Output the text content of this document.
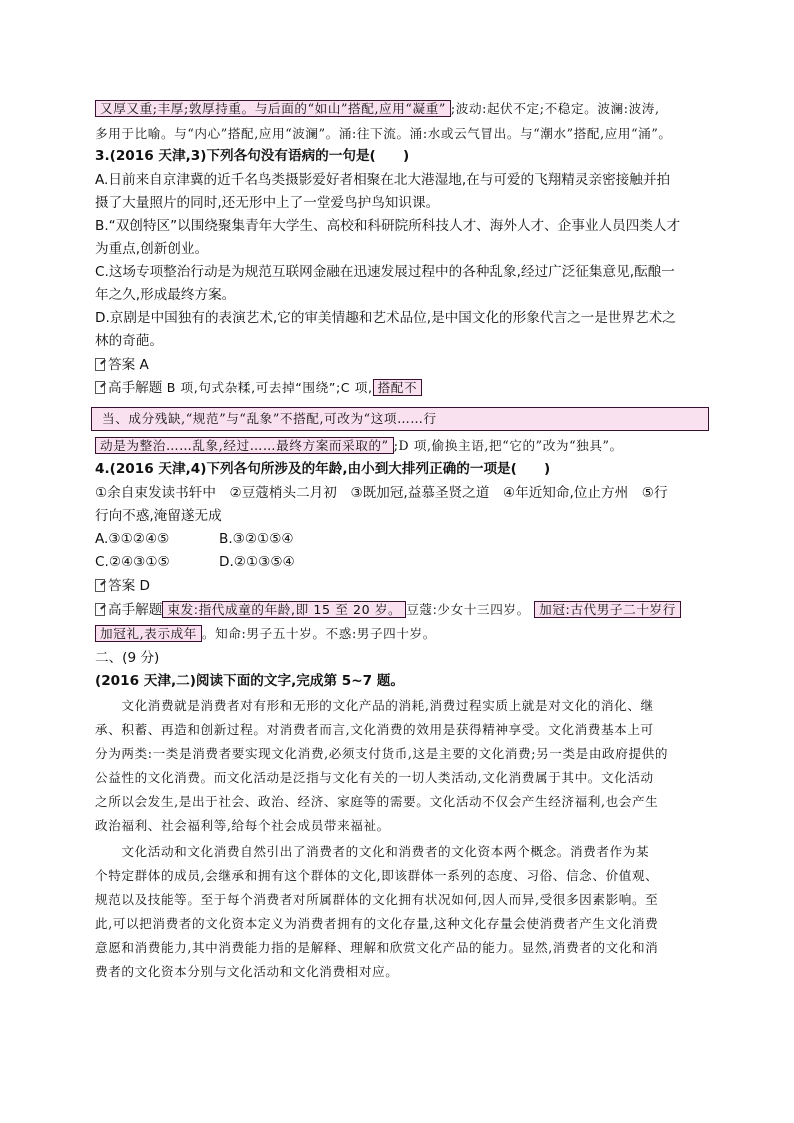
又厚又重;丰厚;敦厚持重。与后面的“如山”搭配,应用“凝重” ;波动:起伏不定;不稳定。波澜:波涛,
多用于比喻。与“内心”搭配,应用“波澜”。涌:往下流。涌:水或云气冒出。与“潮水”搭配,应用“涌”。
3.(2016 天津,3)下列各句没有语病的一句是(　　)
A.日前来自京津冀的近千名鸟类摄影爱好者相聚在北大港湿地,在与可爱的飞翔精灵亲密接触并拍
摄了大量照片的同时,还无形中上了一堂爱鸟护鸟知识课。
B.“双创特区”以围绕聚集青年大学生、高校和科研院所科技人才、海外人才、企事业人员四类人才
为重点,创新创业。
C.这场专项整治行动是为规范互联网金融在迅速发展过程中的各种乱象,经过广泛征集意见,酝酿一
年之久,形成最终方案。
D.京剧是中国独有的表演艺术,它的审美情趣和艺术品位,是中国文化的形象代言之一是世界艺术之
林的奇葩。
答案 A
高手解题 B 项,句式杂糅,可去掉“围绕”;C 项, 搭配不
当、成分残缺,“规范”与“乱象”不搭配,可改为“这项……行
动是为整治……乱象,经过……最终方案而采取的” ;D 项,偷换主语,把“它的”改为“独具”。
4.(2016 天津,4)下列各句所涉及的年龄,由小到大排列正确的一项是(　　)
①余自束发读书轩中　②豆蔻梢头二月初　③既加冠,益慕圣贤之道　④年近知命,位止方州　⑤行
行向不惑,淹留遂无成
A.③①②④⑤	B.③②①⑤④
C.②④③①⑤	D.②①③⑤④
答案 D
高手解题 束发:指代成童的年龄,即 15 至 20 岁。 豆蔻:少女十三四岁。 加冠:古代男子二十岁行
加冠礼,表示成年 。知命:男子五十岁。不惑:男子四十岁。
二、(9 分)
(2016 天津,二)阅读下面的文字,完成第 5~7 题。
　　文化消费就是消费者对有形和无形的文化产品的消耗,消费过程实质上就是对文化的消化、继
承、积蓄、再造和创新过程。对消费者而言,文化消费的效用是获得精神享受。文化消费基本上可
分为两类:一类是消费者要实现文化消费,必须支付货币,这是主要的文化消费;另一类是由政府提供的
公益性的文化消费。而文化活动是泛指与文化有关的一切人类活动,文化消费属于其中。文化活动
之所以会发生,是出于社会、政治、经济、家庭等的需要。文化活动不仅会产生经济福利,也会产生
政治福利、社会福利等,给每个社会成员带来福祉。
　　文化活动和文化消费自然引出了消费者的文化和消费者的文化资本两个概念。消费者作为某
个特定群体的成员,会继承和拥有这个群体的文化,即该群体一系列的态度、习俗、信念、价值观、
规范以及技能等。至于每个消费者对所属群体的文化拥有状况如何,因人而异,受很多因素影响。至
此,可以把消费者的文化资本定义为消费者拥有的文化存量,这种文化存量会使消费者产生文化消费
意愿和消费能力,其中消费能力指的是解释、理解和欣赏文化产品的能力。显然,消费者的文化和消
费者的文化资本分别与文化活动和文化消费相对应。
